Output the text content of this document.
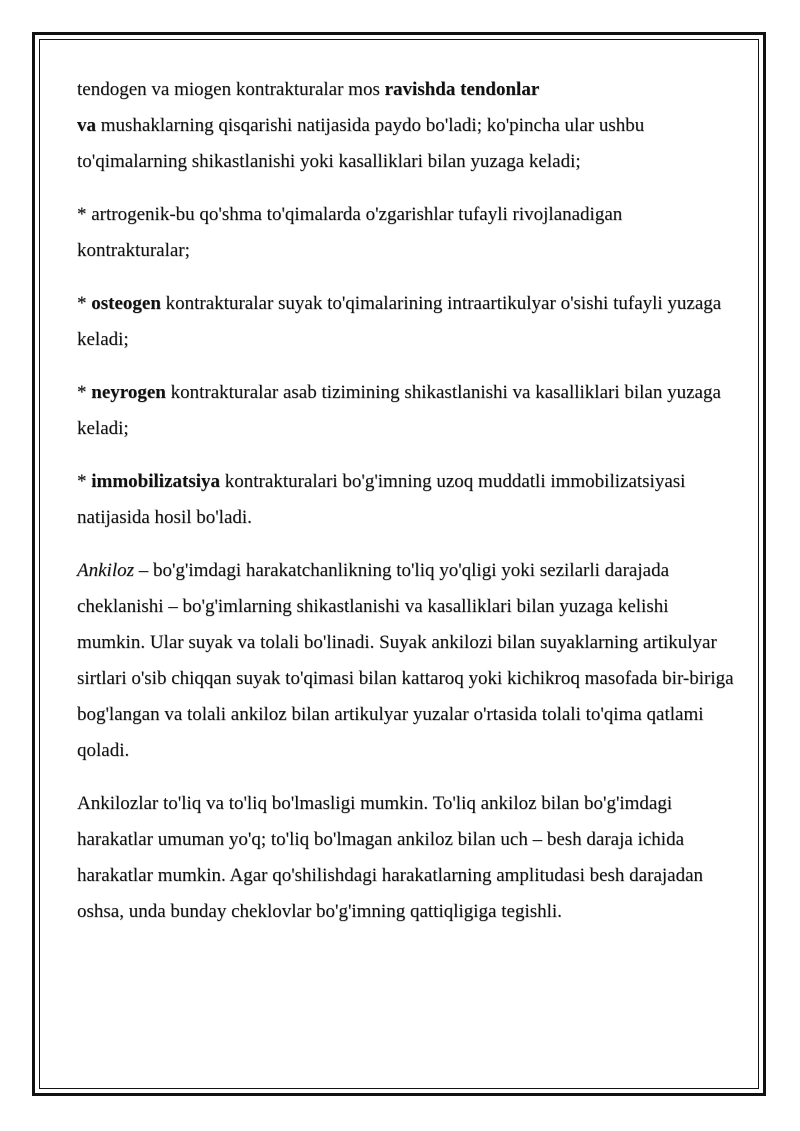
tendogen va miogen kontrakturalar mos ravishda tendonlar
va mushaklarning qisqarishi natijasida paydo bo'ladi; ko'pincha ular ushbu to'qimalarning shikastlanishi yoki kasalliklari bilan yuzaga keladi;

* artrogenik-bu qo'shma to'qimalarda o'zgarishlar tufayli rivojlanadigan kontrakturalar;

* osteogen kontrakturalar suyak to'qimalarining intraartikulyar o'sishi tufayli yuzaga keladi;

* neyrogen kontrakturalar asab tizimining shikastlanishi va kasalliklari bilan yuzaga keladi;

* immobilizatsiya kontrakturalari bo'g'imning uzoq muddatli immobilizatsiyasi natijasida hosil bo'ladi.

Ankiloz – bo'g'imdagi harakatchanlikning to'liq yo'qligi yoki sezilarli darajada cheklanishi – bo'g'imlarning shikastlanishi va kasalliklari bilan yuzaga kelishi mumkin. Ular suyak va tolali bo'linadi. Suyak ankilozi bilan suyaklarning artikulyar sirtlari o'sib chiqqan suyak to'qimasi bilan kattaroq yoki kichikroq masofada bir-biriga bog'langan va tolali ankiloz bilan artikulyar yuzalar o'rtasida tolali to'qima qatlami qoladi.

Ankilozlar to'liq va to'liq bo'lmasligi mumkin. To'liq ankiloz bilan bo'g'imdagi harakatlar umuman yo'q; to'liq bo'lmagan ankiloz bilan uch – besh daraja ichida harakatlar mumkin. Agar qo'shilishdagi harakatlarning amplitudasi besh darajadan oshsa, unda bunday cheklovlar bo'g'imning qattiqligiga tegishli.
